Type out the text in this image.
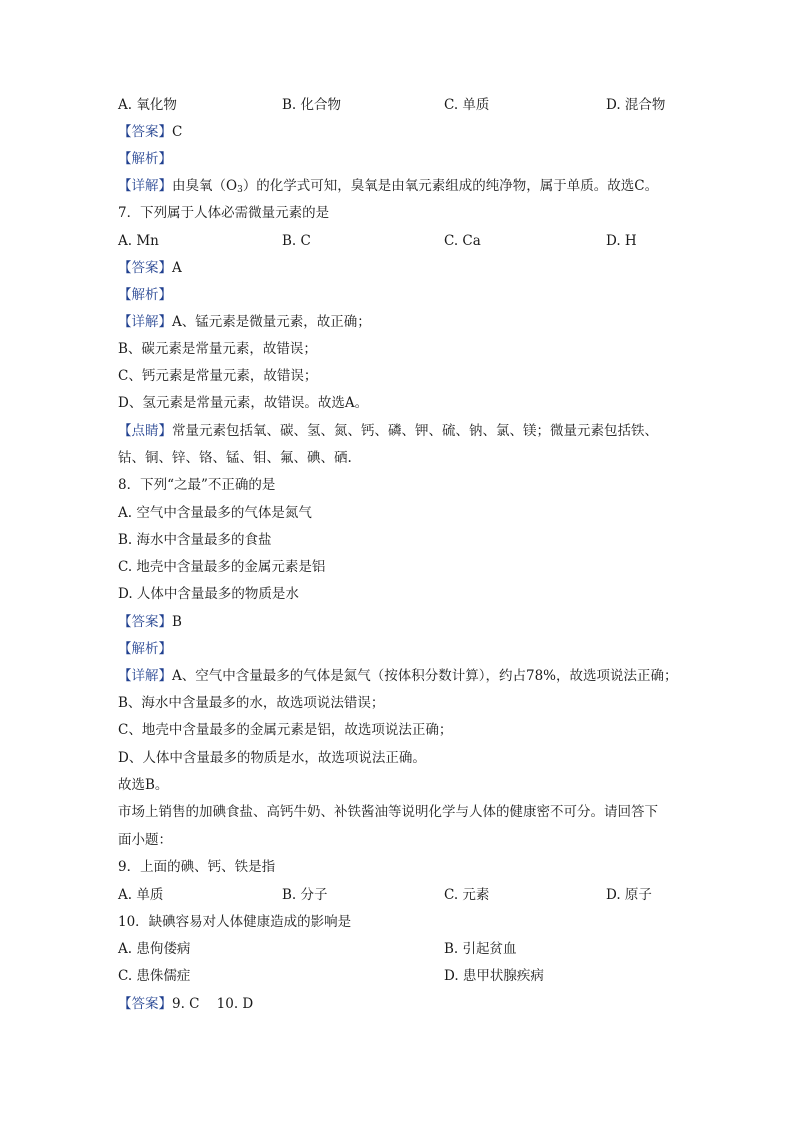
A. 氧化物	B. 化合物	C. 单质	D. 混合物
【答案】C
【解析】
【详解】由臭氧$(O_3)$的化学式可知，臭氧是由氧元素组成的纯净物，属于单质。故选C。
7．下列属于人体必需微量元素的是
A. Mn	B. C	C. Ca	D. H
【答案】A
【解析】
【详解】A、锰元素是微量元素，故正确；
B、碳元素是常量元素，故错误；
C、钙元素是常量元素，故错误；
D、氢元素是常量元素，故错误。故选A。
【点睛】常量元素包括氧、碳、氢、氮、钙、磷、钾、硫、钠、氯、镁；微量元素包括铁、
钴、铜、锌、铬、锰、钼、氟、碘、硒.
8．下列“之最”不正确的是
A. 空气中含量最多的气体是氮气
B. 海水中含量最多的食盐
C. 地壳中含量最多的金属元素是铝
D. 人体中含量最多的物质是水
【答案】B
【解析】
【详解】A、空气中含量最多的气体是氮气（按体积分数计算），约占78%，故选项说法正确；
B、海水中含量最多的水，故选项说法错误；
C、地壳中含量最多的金属元素是铝，故选项说法正确；
D、人体中含量最多的物质是水，故选项说法正确。
故选B。
市场上销售的加碘食盐、高钙牛奶、补铁酱油等说明化学与人体的健康密不可分。请回答下
面小题：
9．上面的碘、钙、铁是指
A. 单质	B. 分子	C. 元素	D. 原子
10．缺碘容易对人体健康造成的影响是
A. 患佝偻病	B. 引起贫血
C. 患侏儒症	D. 患甲状腺疾病
【答案】9. C    10. D
